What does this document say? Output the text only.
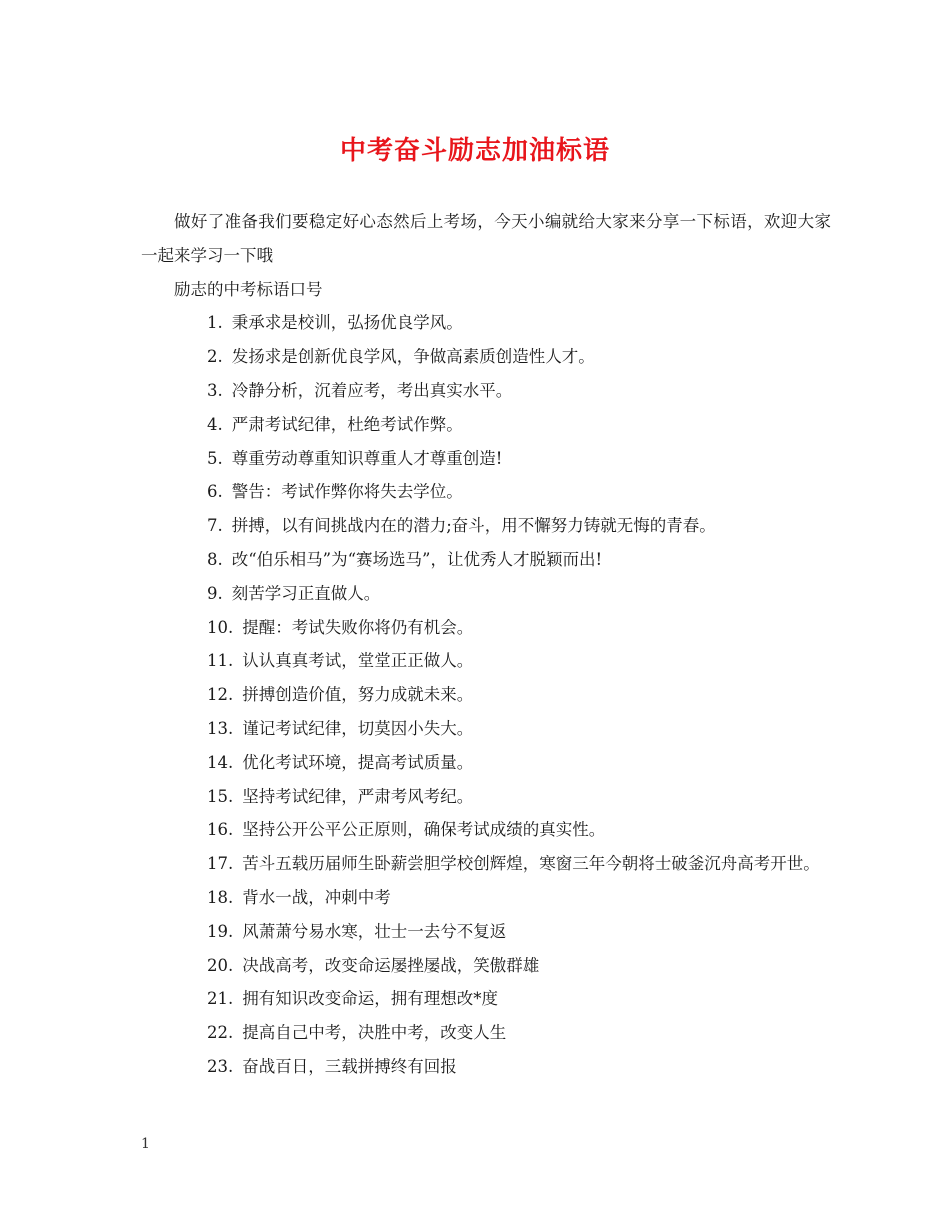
中考奋斗励志加油标语

做好了准备我们要稳定好心态然后上考场，今天小编就给大家来分享一下标语，欢迎大家一起来学习一下哦

励志的中考标语口号

1. 秉承求是校训，弘扬优良学风。

2. 发扬求是创新优良学风，争做高素质创造性人才。

3. 冷静分析，沉着应考，考出真实水平。

4. 严肃考试纪律，杜绝考试作弊。

5. 尊重劳动尊重知识尊重人才尊重创造!

6. 警告：考试作弊你将失去学位。

7. 拼搏，以有间挑战内在的潜力;奋斗，用不懈努力铸就无悔的青春。

8. 改“伯乐相马”为“赛场选马”，让优秀人才脱颖而出!

9. 刻苦学习正直做人。

10. 提醒：考试失败你将仍有机会。

11. 认认真真考试，堂堂正正做人。

12. 拼搏创造价值，努力成就未来。

13. 谨记考试纪律，切莫因小失大。

14. 优化考试环境，提高考试质量。

15. 坚持考试纪律，严肃考风考纪。

16. 坚持公开公平公正原则，确保考试成绩的真实性。

17. 苦斗五载历届师生卧薪尝胆学校创辉煌，寒窗三年今朝将士破釜沉舟高考开世。

18. 背水一战，冲刺中考

19. 风萧萧兮易水寒，壮士一去兮不复返

20. 决战高考，改变命运屡挫屡战，笑傲群雄

21. 拥有知识改变命运，拥有理想改*度

22. 提高自己中考，决胜中考，改变人生

23. 奋战百日，三载拼搏终有回报

1
